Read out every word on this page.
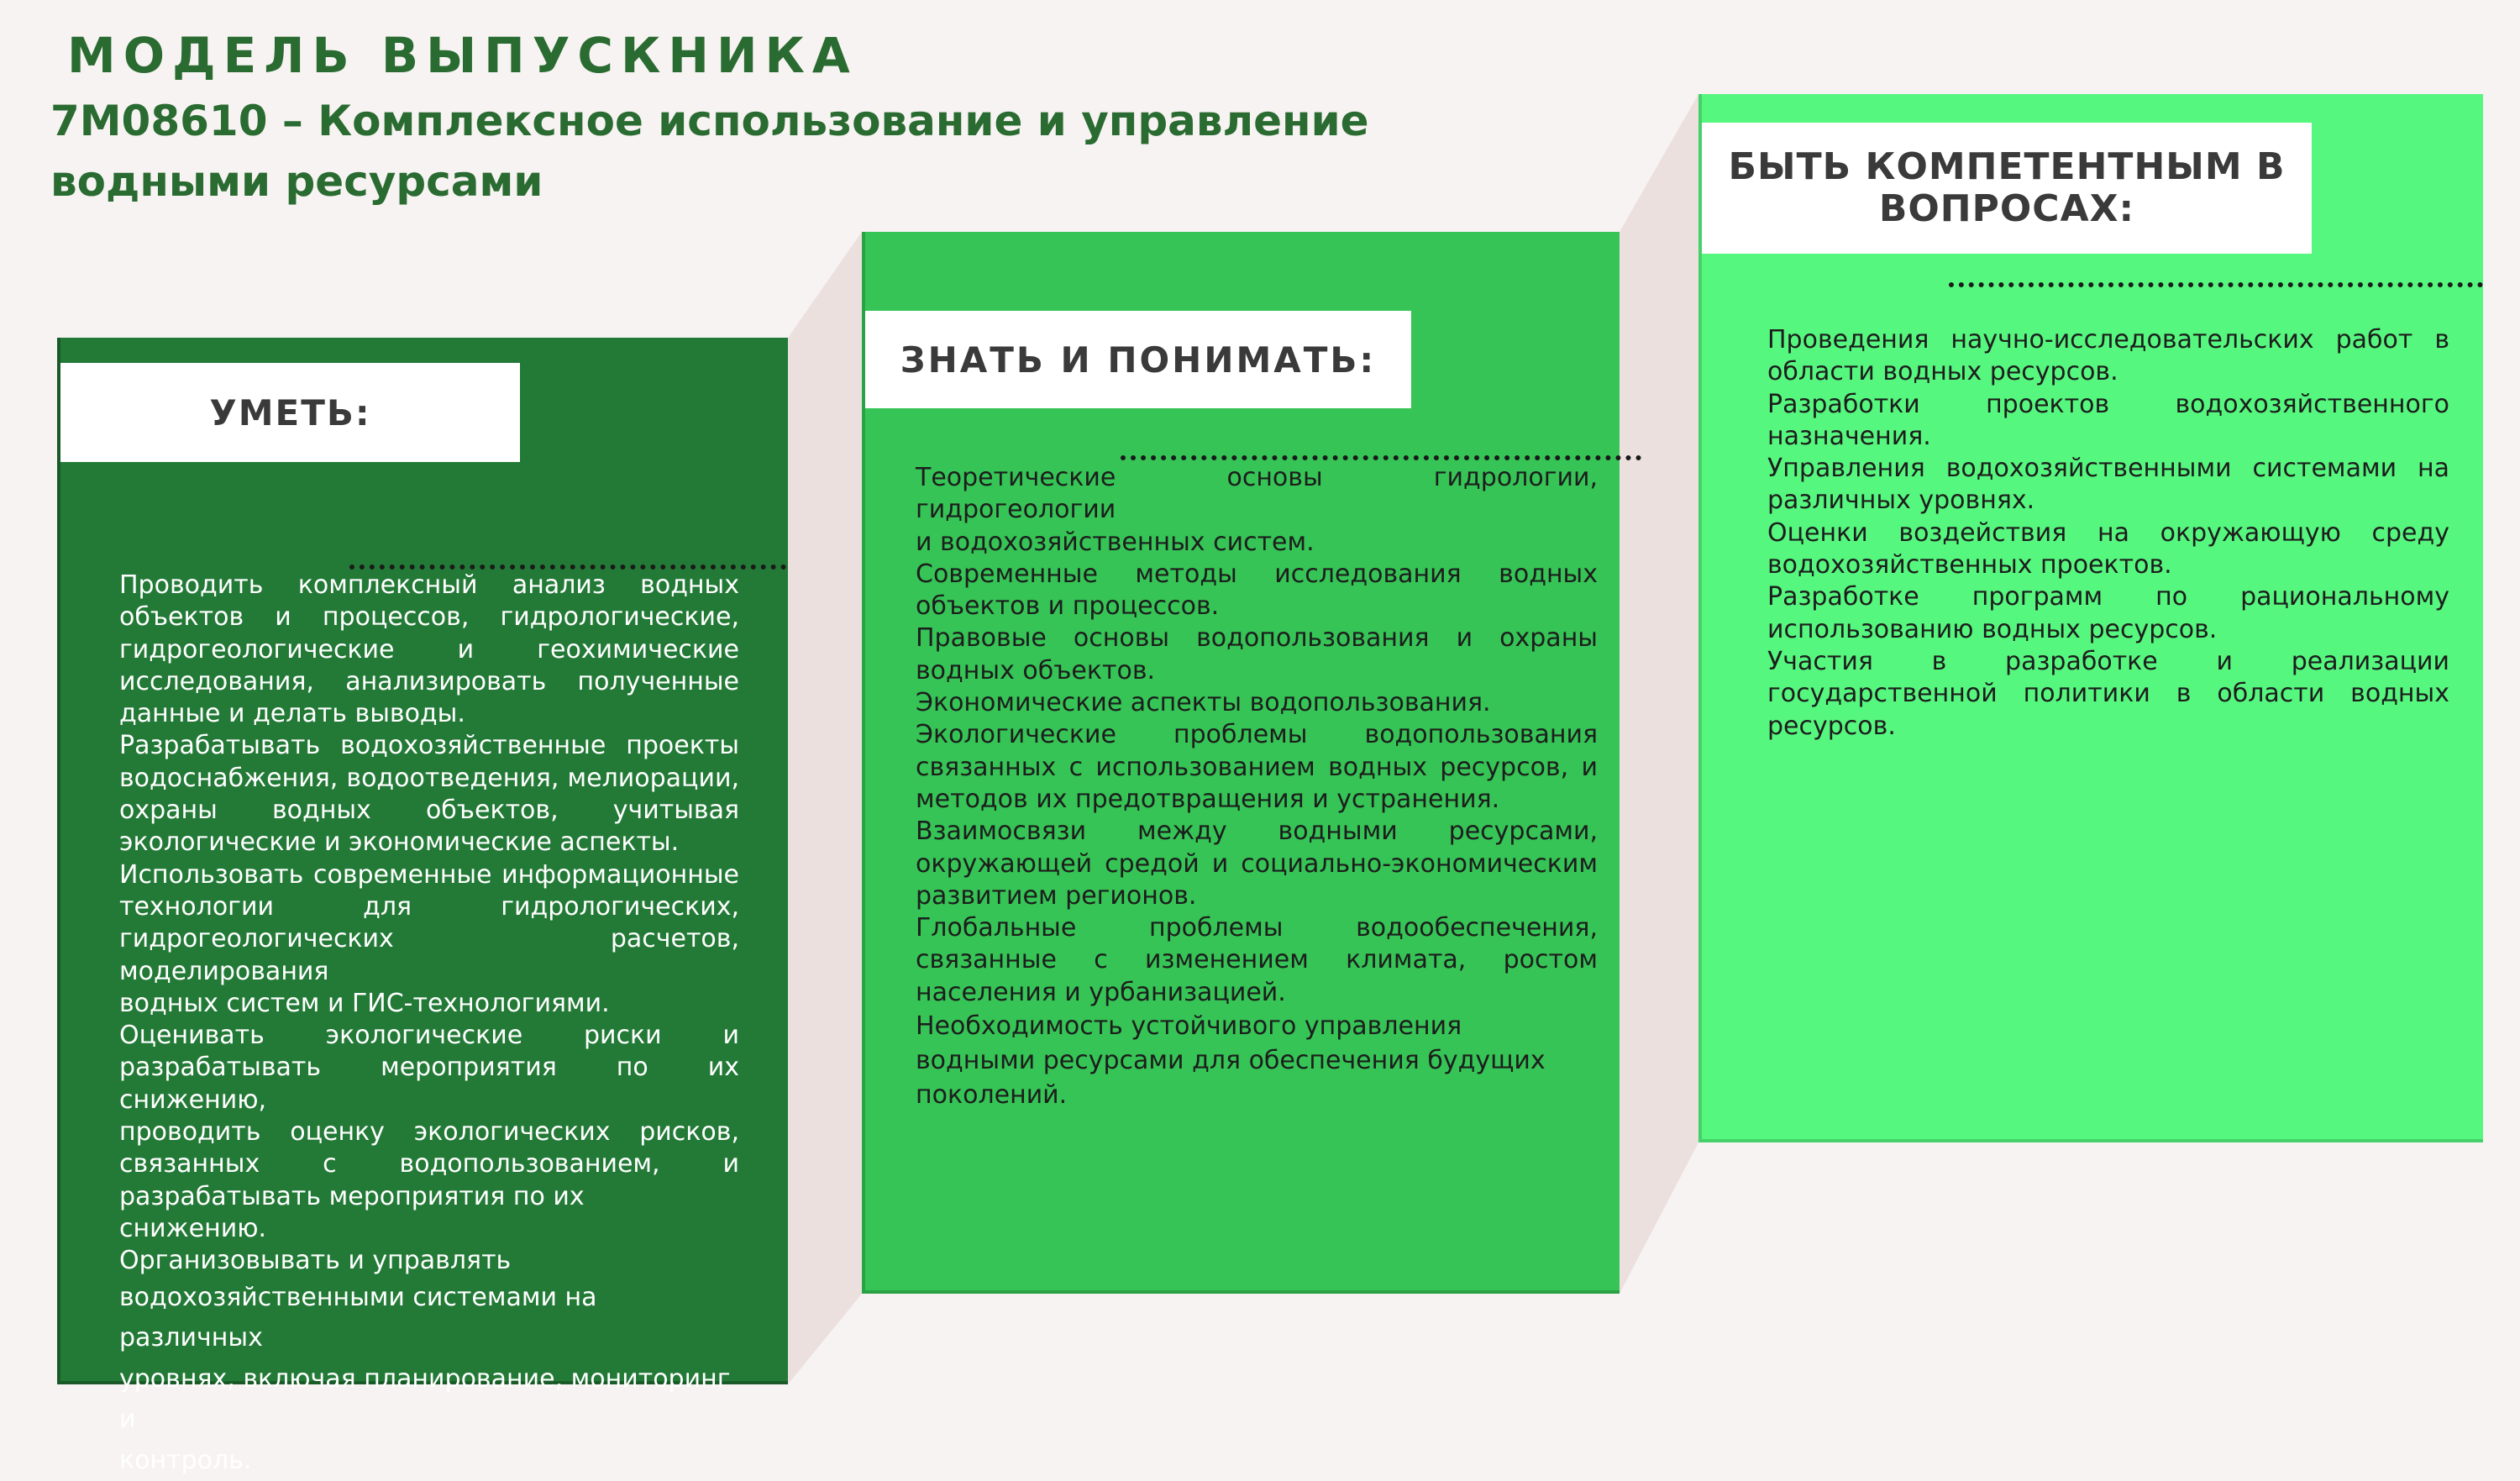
МОДЕЛЬ ВЫПУСКНИКА
7М08610 – Комплексное использование и управление водными ресурсами
УМЕТЬ:

Проводить комплексный анализ водных

объектов и процессов, гидрологические,

гидрогеологические и геохимические

исследования, анализировать полученные

данные и делать выводы.

Разрабатывать водохозяйственные проекты

водоснабжения, водоотведения, мелиорации,

охраны водных объектов, учитывая

экологические и экономические аспекты.

Использовать современные информационные

технологии для гидрологических,

гидрогеологических расчетов, моделирования

водных систем и ГИС-технологиями.

Оценивать экологические риски и

разрабатывать мероприятия по их снижению,

проводить оценку экологических рисков,

связанных с водопользованием, и

разрабатывать мероприятия по их снижению.

Организовывать и управлять

водохозяйственными системами на различных

уровнях, включая планирование, мониторинг и

контроль.

ЗНАТЬ И ПОНИМАТЬ:

Теоретические основы гидрологии, гидрогеологии

и водохозяйственных систем.

Современные методы исследования водных

объектов и процессов.

Правовые основы водопользования и охраны

водных объектов.

Экономические аспекты водопользования.

Экологические проблемы водопользования

связанных с использованием водных ресурсов, и

методов их предотвращения и устранения.

Взаимосвязи между водными ресурсами,

окружающей средой и социально-экономическим

развитием регионов.

Глобальные проблемы водообеспечения,

связанные с изменением климата, ростом

населения и урбанизацией.

Необходимость устойчивого управления

водными ресурсами для обеспечения будущих

поколений.

БЫТЬ КОМПЕТЕНТНЫМ В ВОПРОСАХ:

Проведения научно-исследовательских работ в

области водных ресурсов.

Разработки проектов водохозяйственного

назначения.

Управления водохозяйственными системами на

различных уровнях.

Оценки воздействия на окружающую среду

водохозяйственных проектов.

Разработке программ по рациональному

использованию водных ресурсов.

Участия в разработке и реализации

государственной политики в области водных

ресурсов.
